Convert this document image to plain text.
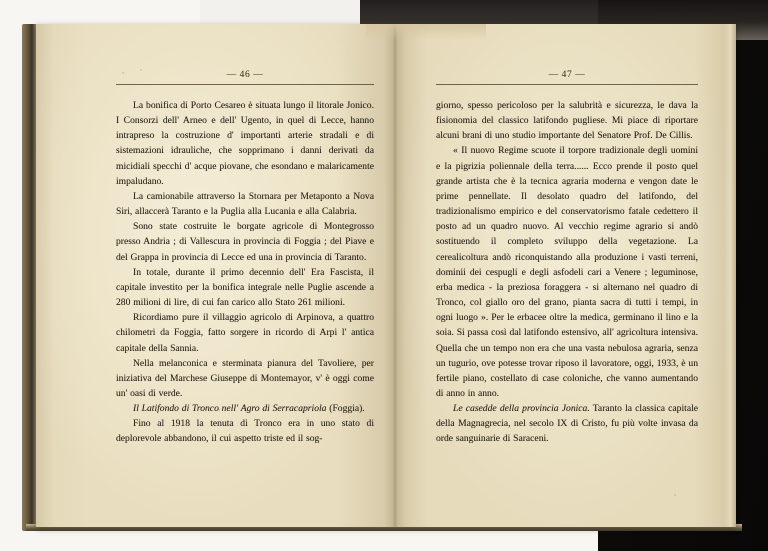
— 46 —

La bonifica di Porto Cesareo è situata lungo il litorale Jonico. I Consorzi dell' Arneo e dell' Ugento, in quel di Lecce, hanno intrapreso la costruzione d' importanti arterie stradali e di sistemazioni idrauliche, che sopprimano i danni derivati da micidiali specchi d' acque piovane, che esondano e malaricamente impaludano.

La camionabile attraverso la Stornara per Metaponto a Nova Siri, allaccerà Taranto e la Puglia alla Lucania e alla Calabria.

Sono state costruite le borgate agricole di Montegrosso presso Andria ; di Vallescura in provincia di Foggia ; del Piave e del Grappa in provincia di Lecce ed una in provincia di Taranto.

In totale, durante il primo decennio dell' Era Fascista, il capitale investito per la bonifica integrale nelle Puglie ascende a 280 milioni di lire, di cui fan carico allo Stato 261 milioni.

Ricordiamo pure il villaggio agricolo di Arpinova, a quattro chilometri da Foggia, fatto sorgere in ricordo di Arpi l' antica capitale della Sannia.

Nella melanconica e sterminata pianura del Tavoliere, per iniziativa del Marchese Giuseppe di Montemayor, v' è oggi come un' oasi di verde.

Il Latifondo di Tronco nell' Agro di Serracapriola (Foggia).

Fino al 1918 la tenuta di Tronco era in uno stato di deplorevole abbandono, il cui aspetto triste ed il sog-

— 47 —

giorno, spesso pericoloso per la salubrità e sicurezza, le dava la fisionomia del classico latifondo pugliese. Mi piace di riportare alcuni brani di uno studio importante del Senatore Prof. De Cillis.

« Il nuovo Regime scuote il torpore tradizionale degli uomini e la pigrizia poliennale della terra...... Ecco prende il posto quel grande artista che è la tecnica agraria moderna e vengon date le prime pennellate. Il desolato quadro del latifondo, del tradizionalismo empirico e del conservatorismo fatale cedettero il posto ad un quadro nuovo. Al vecchio regime agrario si andò sostituendo il completo sviluppo della vegetazione. La cerealicoltura andò riconquistando alla produzione i vasti terreni, dominii dei cespugli e degli asfodeli cari a Venere ; leguminose, erba medica - la preziosa foraggera - si alternano nel quadro di Tronco, col giallo oro del grano, pianta sacra di tutti i tempi, in ogni luogo ». Per le erbacee oltre la medica, germinano il lino e la soia. Si passa così dal latifondo estensivo, all' agricoltura intensiva. Quella che un tempo non era che una vasta nebulosa agraria, senza un tugurio, ove potesse trovar riposo il lavoratore, oggi, 1933, è un fertile piano, costellato di case coloniche, che vanno aumentando di anno in anno.

Le casedde della provincia Jonica. Taranto la classica capitale della Magnagrecia, nel secolo IX di Cristo, fu più volte invasa da orde sanguinarie di Saraceni.
